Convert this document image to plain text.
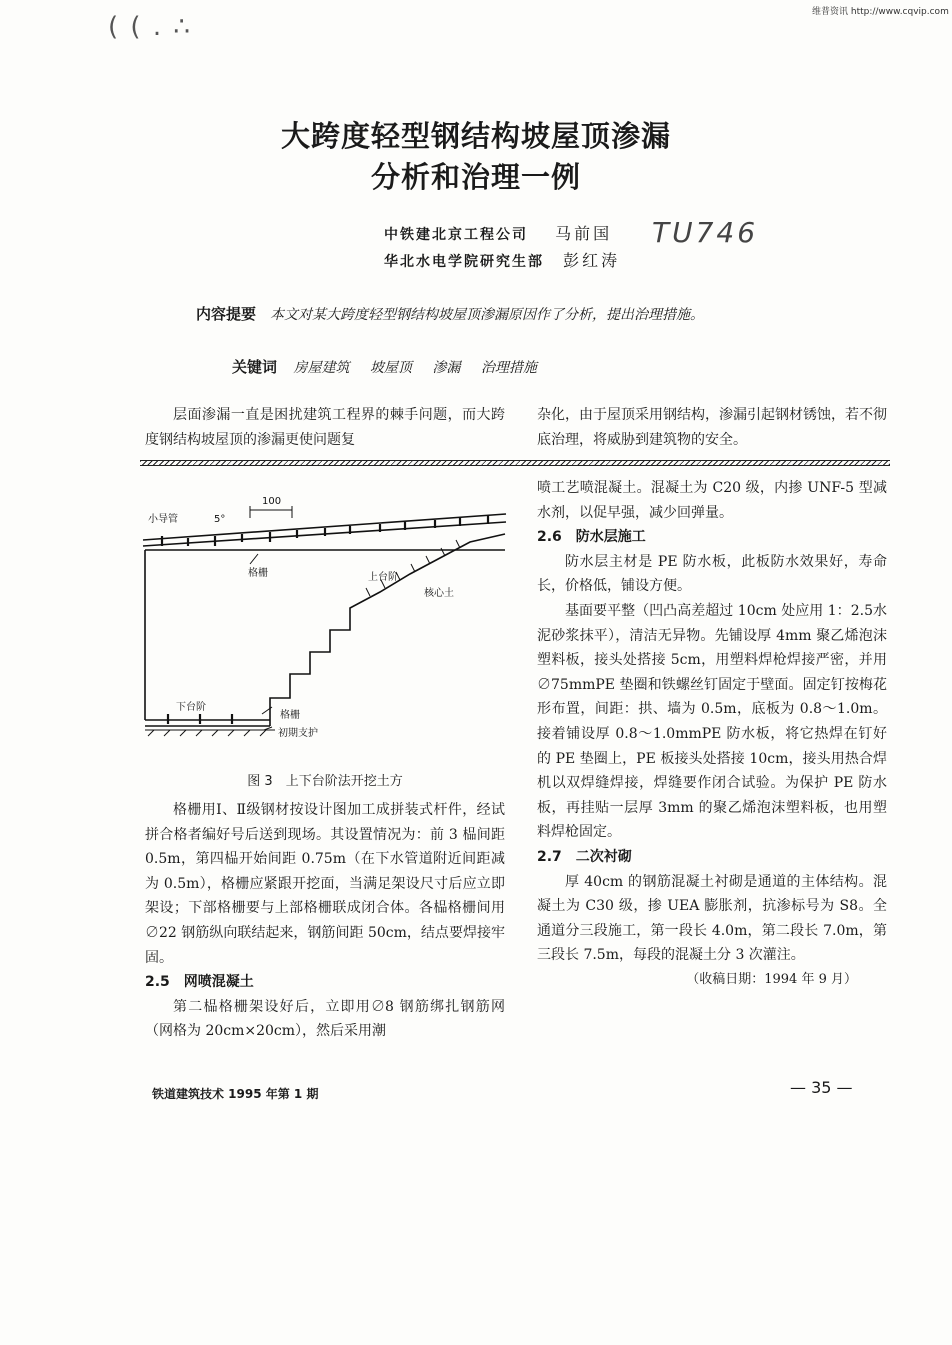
维普资讯 http://www.cqvip.com
( ( . ∴
大跨度轻型钢结构坡屋顶渗漏
分析和治理一例
中铁建北京工程公司 马前国
华北水电学院研究生部 彭红涛
TU746
内容提要 本文对某大跨度轻型钢结构坡屋顶渗漏原因作了分析，提出治理措施。
关键词 房屋建筑 坡屋顶 渗漏 治理措施
层面渗漏一直是困扰建筑工程界的棘手问题，而大跨度钢结构坡屋顶的渗漏更使问题复
杂化，由于屋顶采用钢结构，渗漏引起钢材锈蚀，若不彻底治理，将威胁到建筑物的安全。
小导管	5°
100
格栅	上台阶
核心土
下台阶
格栅
初期支护
图 3　上下台阶法开挖土方

格栅用Ⅰ、Ⅱ级钢材按设计图加工成拼装式杆件，经试拼合格者编好号后送到现场。其设置情况为：前 3 榀间距 0.5m，第四榀开始间距 0.75m（在下水管道附近间距减为 0.5m），格栅应紧跟开挖面，当满足架设尺寸后应立即架设；下部格栅要与上部格栅联成闭合体。各榀格栅间用∅22 钢筋纵向联结起来，钢筋间距 50cm，结点要焊接牢固。

2.5　网喷混凝土

第二榀格栅架设好后，立即用∅8 钢筋绑扎钢筋网（网格为 20cm×20cm），然后采用潮

喷工艺喷混凝土。混凝土为 C20 级，内掺 UNF-5 型减水剂，以促早强，减少回弹量。

2.6　防水层施工

防水层主材是 PE 防水板，此板防水效果好，寿命长，价格低，铺设方便。

基面要平整（凹凸高差超过 10cm 处应用 1：2.5水泥砂浆抹平），清洁无异物。先铺设厚 4mm 聚乙烯泡沫塑料板，接头处搭接 5cm，用塑料焊枪焊接严密，并用∅75mmPE 垫圈和铁螺丝钉固定于壁面。固定钉按梅花形布置，间距：拱、墙为 0.5m，底板为 0.8～1.0m。接着铺设厚 0.8～1.0mmPE 防水板，将它热焊在钉好的 PE 垫圈上，PE 板接头处搭接 10cm，接头用热合焊机以双焊缝焊接，焊缝要作闭合试验。为保护 PE 防水板，再挂贴一层厚 3mm 的聚乙烯泡沫塑料板，也用塑料焊枪固定。

2.7　二次衬砌

厚 40cm 的钢筋混凝土衬砌是通道的主体结构。混凝土为 C30 级，掺 UEA 膨胀剂，抗渗标号为 S8。全通道分三段施工，第一段长 4.0m，第二段长 7.0m，第三段长 7.5m，每段的混凝土分 3 次灌注。

（收稿日期：1994 年 9 月）

铁道建筑技术 1995 年第 1 期	— 35 —
